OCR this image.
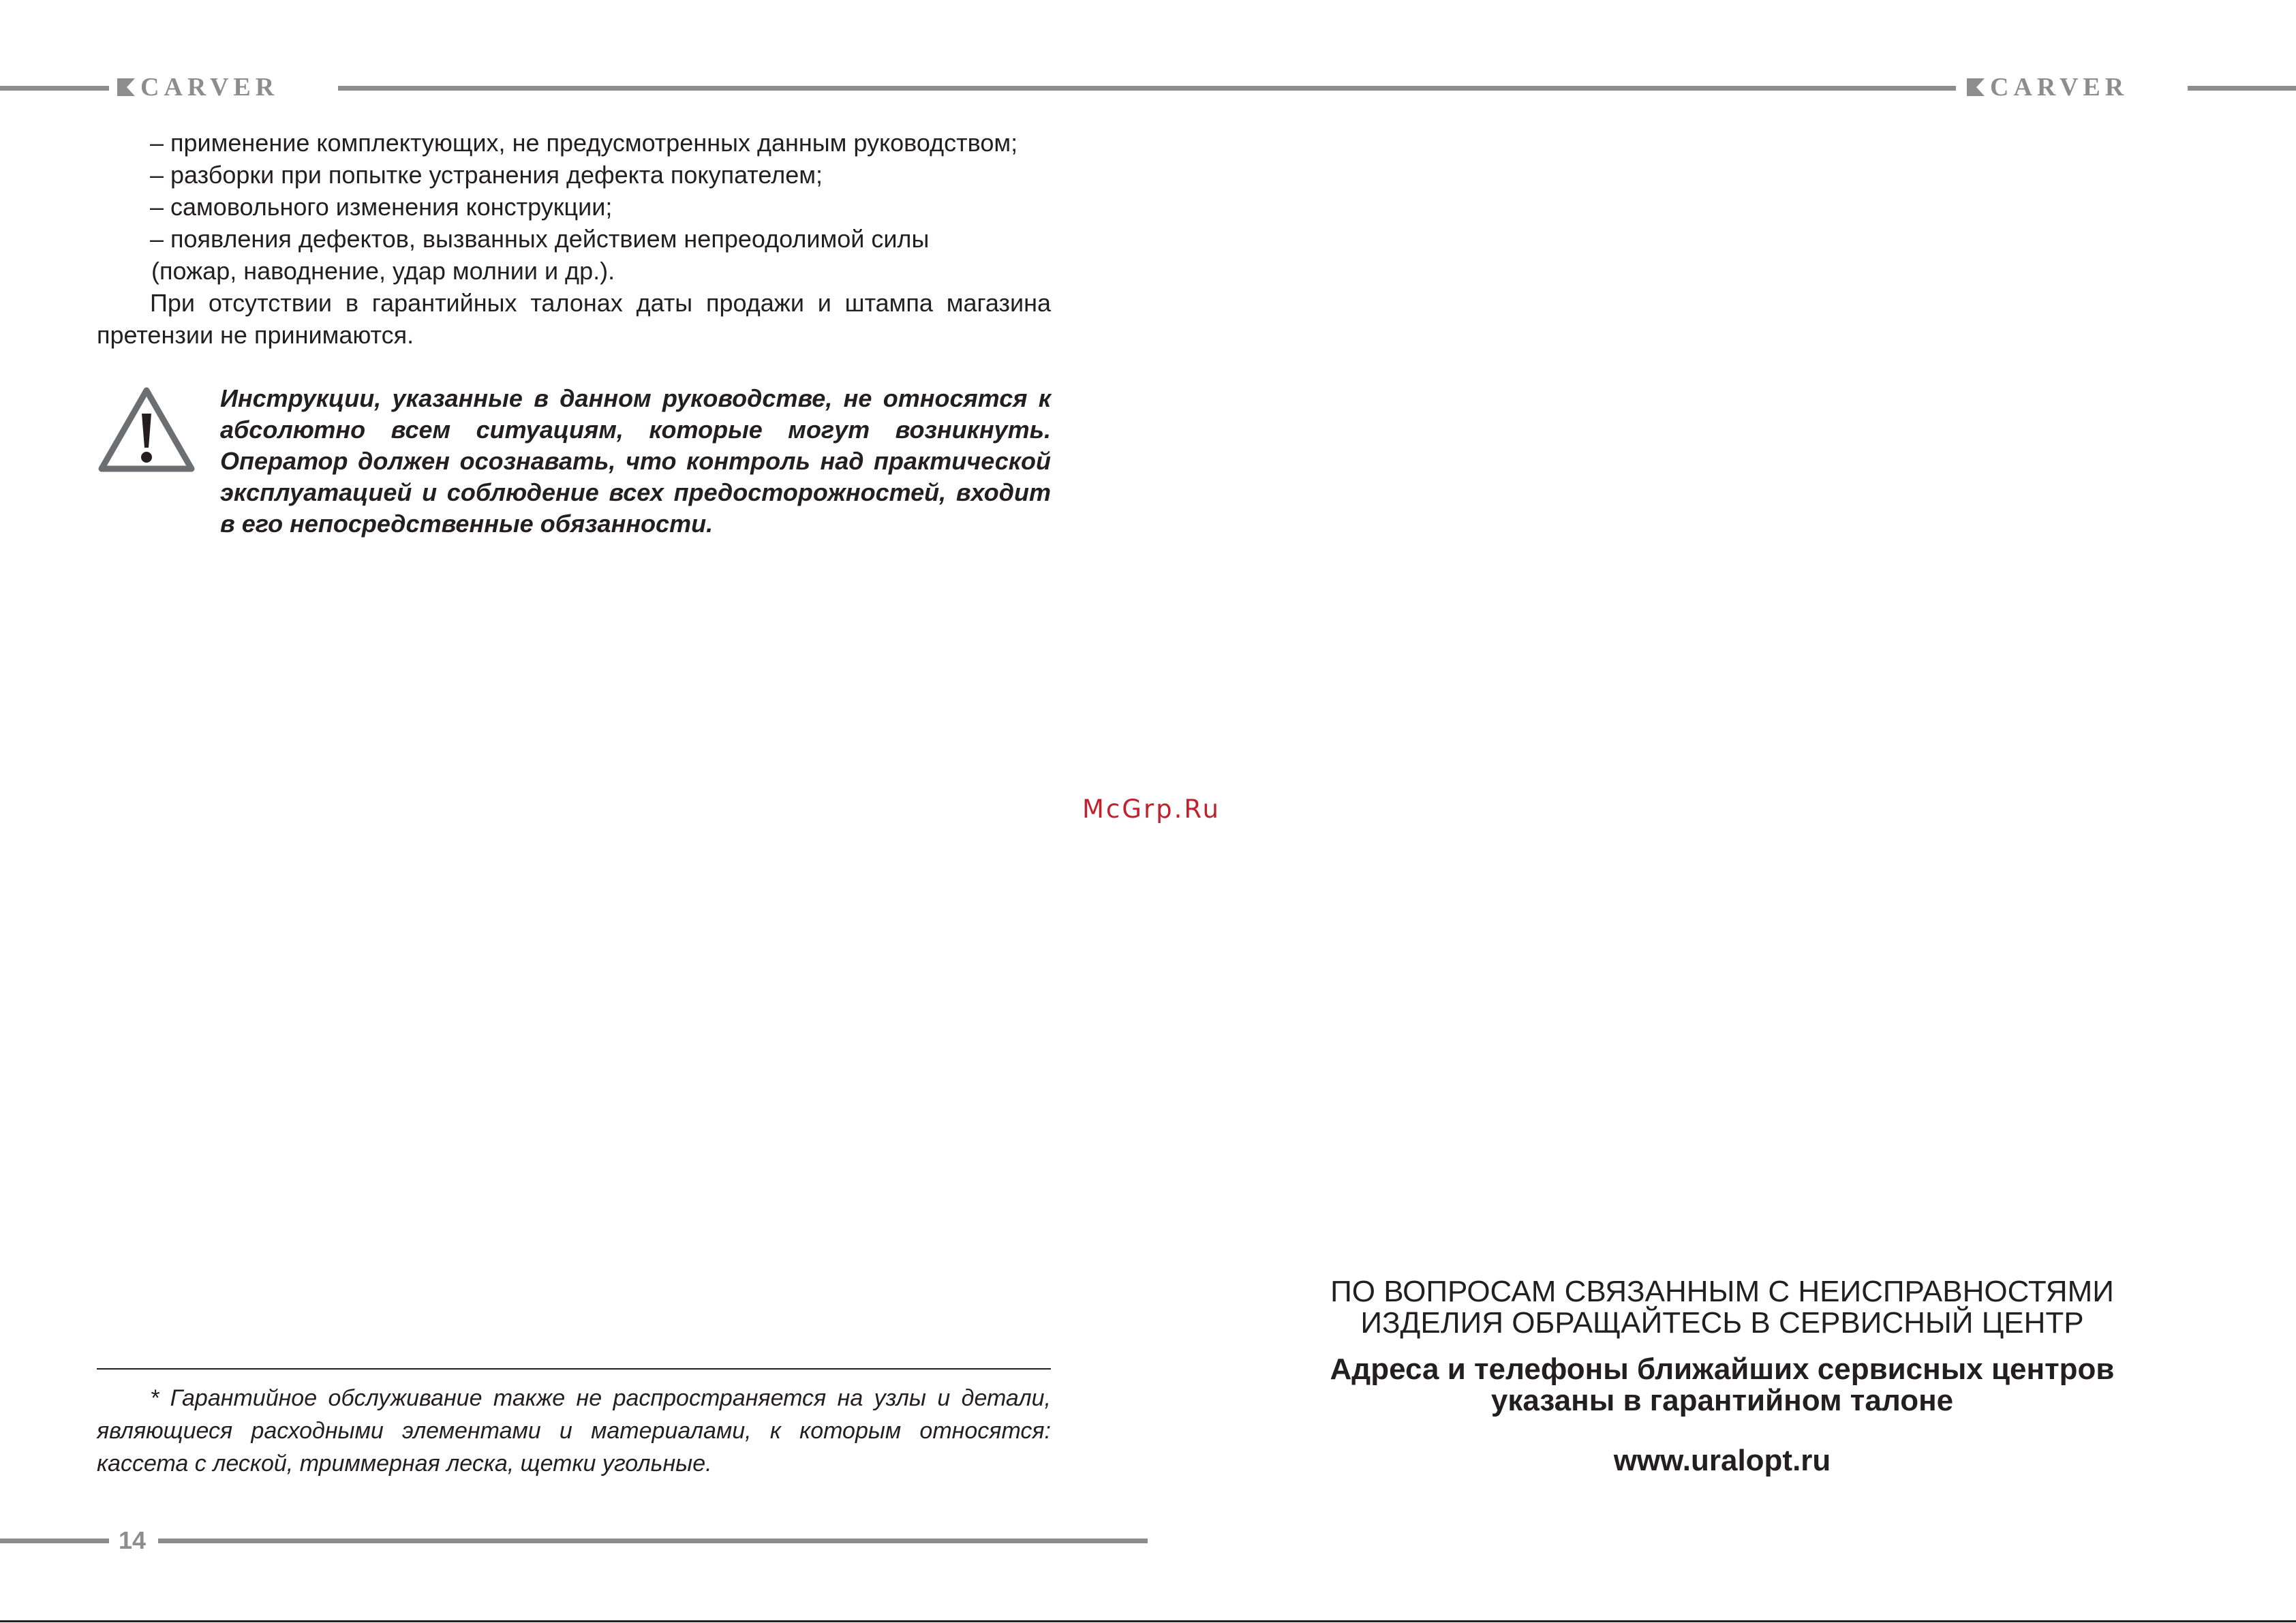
CARVER	CARVER

– применение комплектующих, не предусмотренных данным руководством;

– разборки при попытке устранения дефекта покупателем;

– самовольного изменения конструкции;

– появления дефектов, вызванных действием непреодолимой силы

(пожар, наводнение, удар молнии и др.).

При отсутствии в гарантийных талонах даты продажи и штампа магазина претензии не принимаются.

Инструкции, указанные в данном руководстве, не относятся к абсолютно всем ситуациям, которые могут возникнуть. Оператор должен осознавать, что контроль над практической эксплуатацией и соблюдение всех предосторожностей, входит в его непосредственные обязанности.

McGrp.Ru

* Гарантийное обслуживание также не распространяется на узлы и детали, являющиеся расходными элементами и материалами, к которым относятся: кассета с леской, триммерная леска, щетки угольные.

14

ПО ВОПРОСАМ СВЯЗАННЫМ С НЕИСПРАВНОСТЯМИ

ИЗДЕЛИЯ ОБРАЩАЙТЕСЬ В СЕРВИСНЫЙ ЦЕНТР

Адреса и телефоны ближайших сервисных центров

указаны в гарантийном талоне

www.uralopt.ru
